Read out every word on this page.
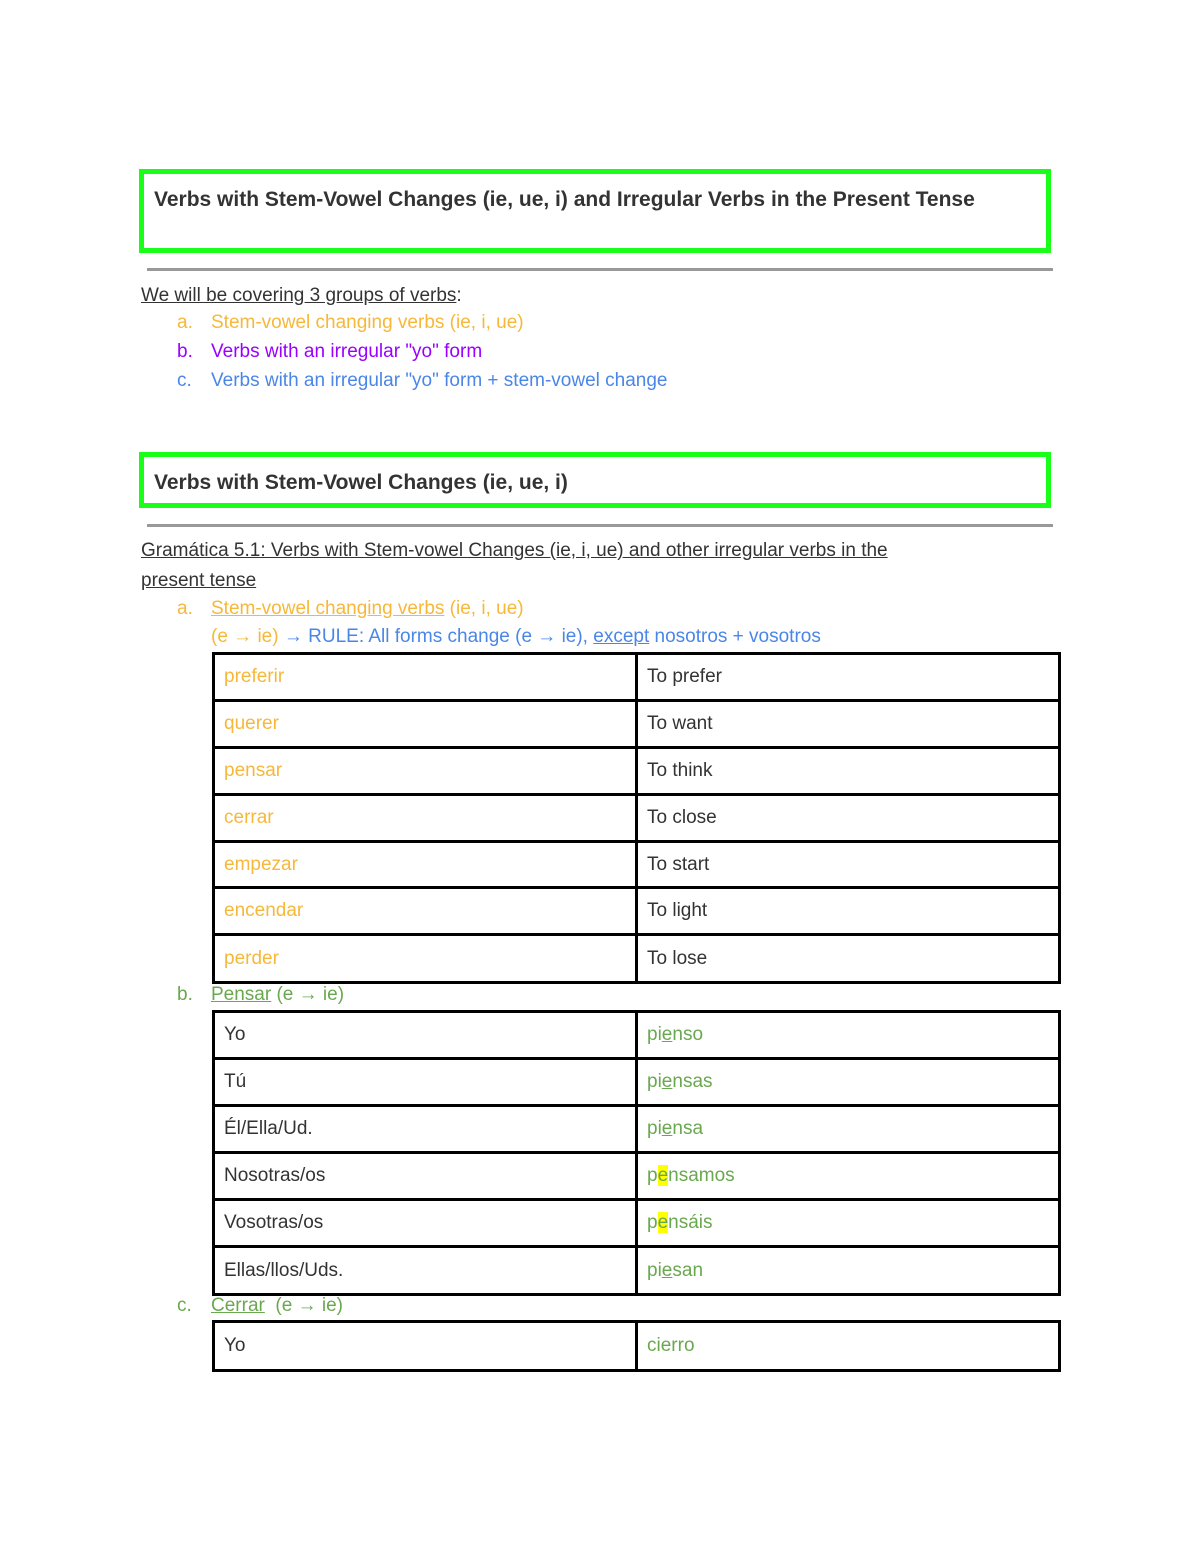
Verbs with Stem-Vowel Changes (ie, ue, i) and Irregular Verbs in the Present Tense
We will be covering 3 groups of verbs:
a. Stem-vowel changing verbs (ie, i, ue)
b. Verbs with an irregular "yo" form
c. Verbs with an irregular "yo" form + stem-vowel change
Verbs with Stem-Vowel Changes (ie, ue, i)
Gramática 5.1: Verbs with Stem-vowel Changes (ie, i, ue) and other irregular verbs in the
present tense
a. Stem-vowel changing verbs (ie, i, ue)
(e → ie) → RULE: All forms change (e → ie), except nosotros + vosotros
preferir	To prefer
querer	To want
pensar	To think
cerrar	To close
empezar	To start
encendar	To light
perder	To lose
b. Pensar (e → ie)
Yo	pienso
Tú	piensas
Él/Ella/Ud.	piensa
Nosotras/os	pensamos
Vosotras/os	pensáis
Ellas/llos/Uds.	piesan
c. Cerrar  (e → ie)
Yo	cierro
